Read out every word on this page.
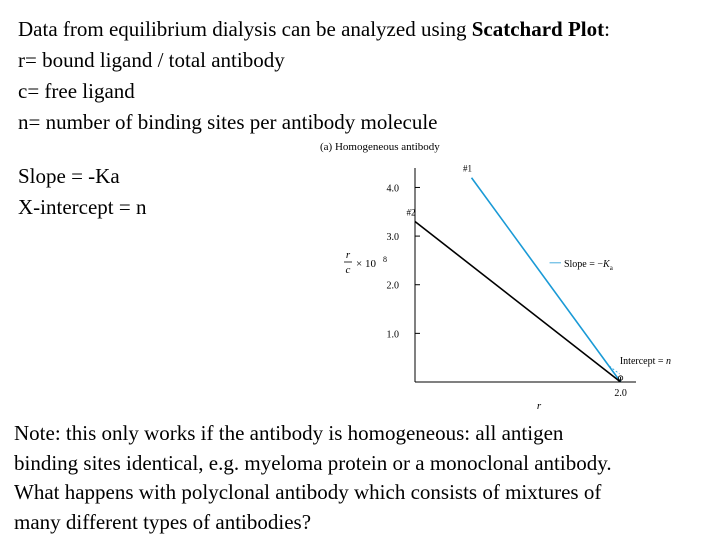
Data from equilibrium dialysis can be analyzed using Scatchard Plot:
r= bound ligand / total antibody
c= free ligand
n= number of binding sites per antibody molecule
Slope = -Ka
X-intercept = n
(a) Homogeneous antibody
r
c × 10 8
1.0
2.0
3.0
4.0
2.0
#1
#2
Slope = $-K_a$
Intercept = n
r
Note: this only works if the antibody is homogeneous: all antigen
binding sites identical, e.g. myeloma protein or a monoclonal antibody.
What happens with polyclonal antibody which consists of mixtures of
many different types of antibodies?
